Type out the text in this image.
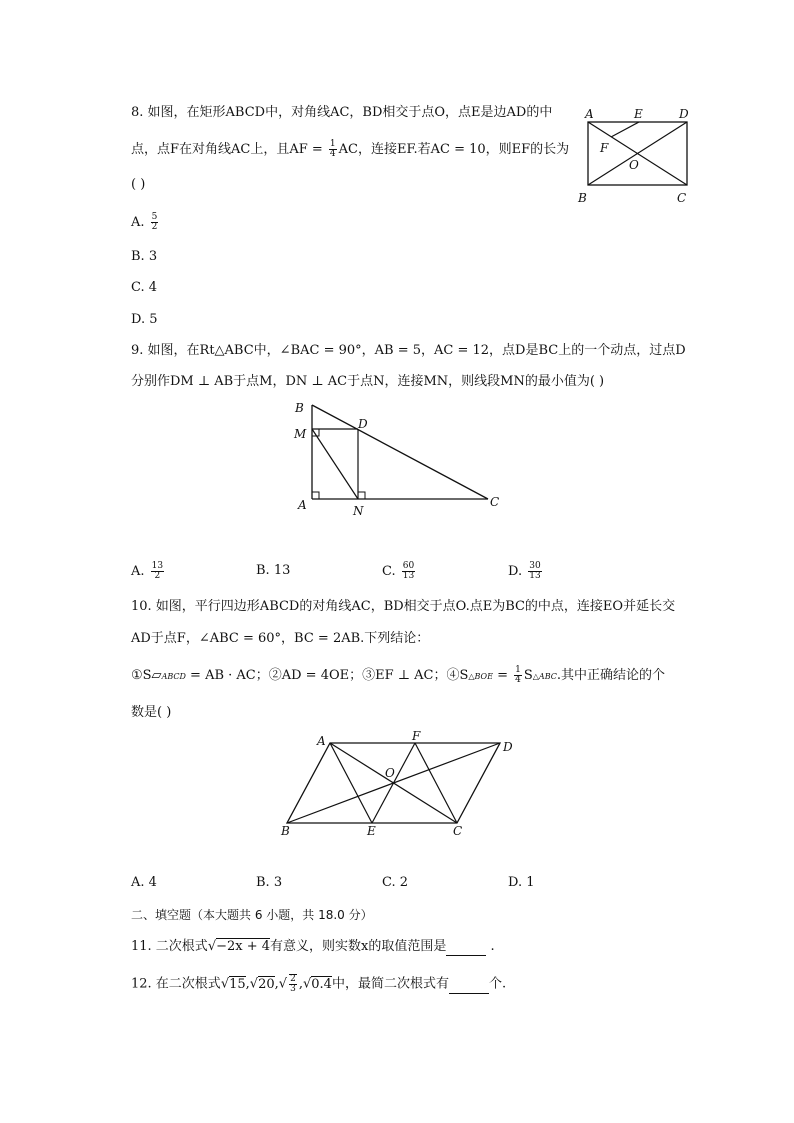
8. 如图，在矩形ABCD中，对角线AC，BD相交于点O，点E是边AD的中
点，点F在对角线AC上，且AF = $\frac{1}{4}$ AC，连接EF.若AC = 10，则EF的长为
( )
A. $\frac{5}{2}$
B. 3
C. 4
D. 5
A	E	D
F
O
B	C
9. 如图，在Rt△ABC中，∠BAC = 90°，AB = 5，AC = 12，点D是BC上的一个动点，过点D
分别作DM ⊥ AB于点M，DN ⊥ AC于点N，连接MN，则线段MN的最小值为( )
B
M
D
A	N
C
A. $\frac{13}{2}$	B. 13	C. $\frac{60}{13}$	D. $\frac{30}{13}$
10. 如图，平行四边形ABCD的对角线AC，BD相交于点O.点E为BC的中点，连接EO并延长交
AD于点F，∠ABC = 60°，BC = 2AB.下列结论：
①S▱ABCD = AB · AC；②AD = 4OE；③EF ⊥ AC；④S△BOE = $\frac{1}{4}$ S△ABC.其中正确结论的个
数是( )
A	F
D
O
B	E	C
A. 4	B. 3	C. 2	D. 1
二、填空题（本大题共 6 小题，共 18.0 分）
11. 二次根式√−2x + 4有意义，则实数x的取值范围是	.
12. 在二次根式$√15,√20,√ \frac{2}{3} ,√0.4$中，最简二次根式有	个.
